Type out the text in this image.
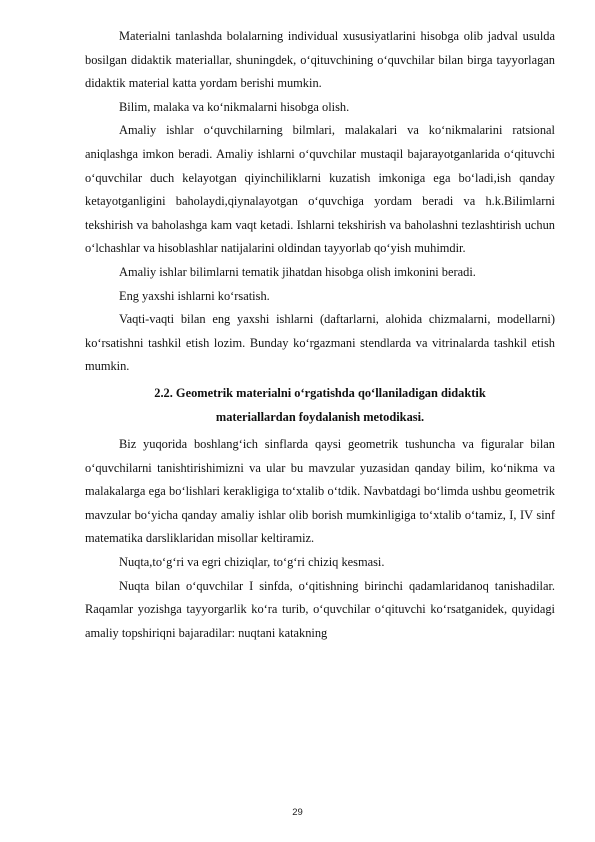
Materialni tanlashda bolalarning individual xususiyatlarini hisobga olib jadval usulda bosilgan didaktik materiallar, shuningdek, o‘qituvchining o‘quvchilar bilan birga tayyorlagan didaktik material katta yordam berishi mumkin.

Bilim, malaka va ko‘nikmalarni hisobga olish.

Amaliy ishlar o‘quvchilarning bilmlari, malakalari va ko‘nikmalarini ratsional aniqlashga imkon beradi. Amaliy ishlarni o‘quvchilar mustaqil bajarayotganlarida o‘qituvchi o‘quvchilar duch kelayotgan qiyinchiliklarni kuzatish imkoniga ega bo‘ladi,ish qanday ketayotganligini baholaydi,qiynalayotgan o‘quvchiga yordam beradi va h.k.Bilimlarni tekshirish va baholashga kam vaqt ketadi. Ishlarni tekshirish va baholashni tezlashtirish uchun o‘lchashlar va hisoblashlar natijalarini oldindan tayyorlab qo‘yish muhimdir.

Amaliy ishlar bilimlarni tematik jihatdan hisobga olish imkonini beradi.

Eng yaxshi ishlarni ko‘rsatish.

Vaqti-vaqti bilan eng yaxshi ishlarni (daftarlarni, alohida chizmalarni, modellarni) ko‘rsatishni tashkil etish lozim. Bunday ko‘rgazmani stendlarda va vitrinalarda tashkil etish mumkin.

2.2. Geometrik materialni o‘rgatishda qo‘llaniladigan didaktik
materiallardan foydalanish metodikasi.

Biz yuqorida boshlang‘ich sinflarda qaysi geometrik tushuncha va figuralar bilan o‘quvchilarni tanishtirishimizni va ular bu mavzular yuzasidan qanday bilim, ko‘nikma va malakalarga ega bo‘lishlari kerakligiga to‘xtalib o‘tdik. Navbatdagi bo‘limda ushbu geometrik mavzular bo‘yicha qanday amaliy ishlar olib borish mumkinligiga to‘xtalib o‘tamiz, I, IV sinf matematika darsliklaridan misollar keltiramiz.

Nuqta,to‘g‘ri va egri chiziqlar, to‘g‘ri chiziq kesmasi.

Nuqta bilan o‘quvchilar I sinfda, o‘qitishning birinchi qadamlaridanoq tanishadilar. Raqamlar yozishga tayyorgarlik ko‘ra turib, o‘quvchilar o‘qituvchi ko‘rsatganidek, quyidagi amaliy topshiriqni bajaradilar: nuqtani katakning

29
